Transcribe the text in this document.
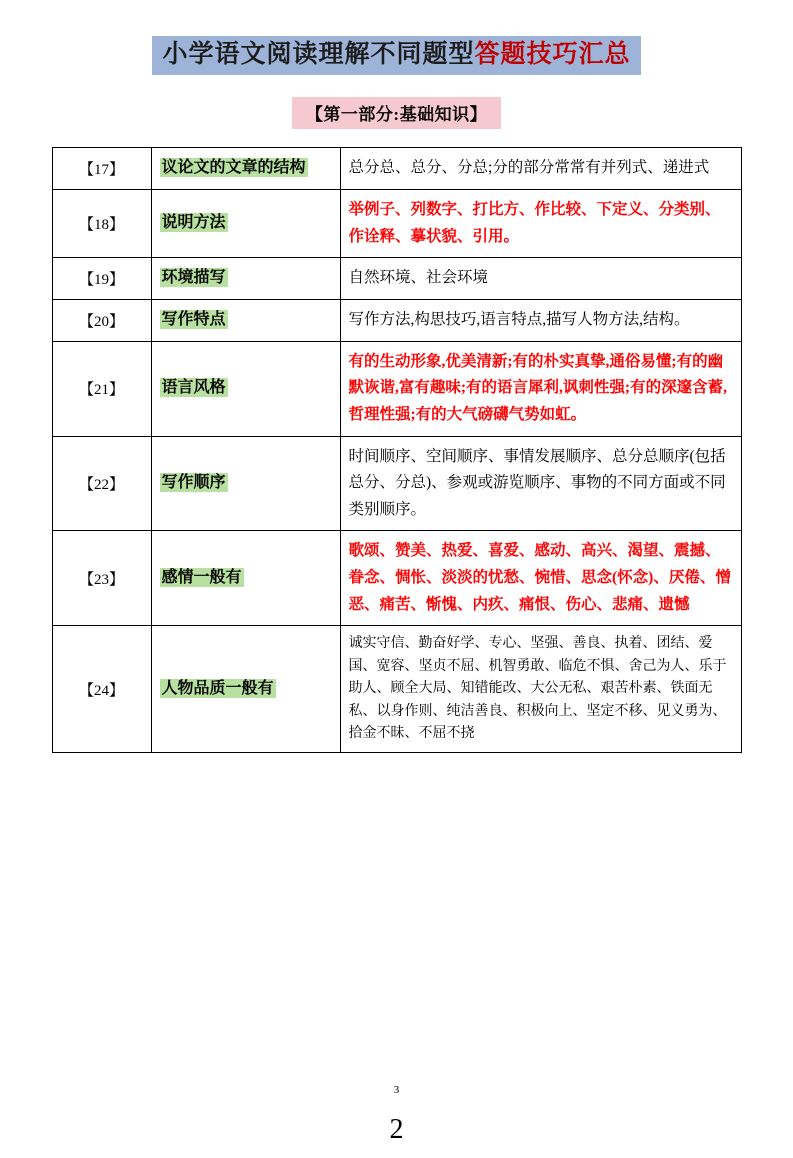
小学语文阅读理解不同题型答题技巧汇总
【第一部分:基础知识】
【17】	议论文的文章的结构	总分总、总分、分总;分的部分常常有并列式、递进式
【18】	说明方法	举例子、列数字、打比方、作比较、下定义、分类别、作诠释、摹状貌、引用。
【19】	环境描写	自然环境、社会环境
【20】	写作特点	写作方法,构思技巧,语言特点,描写人物方法,结构。
【21】	语言风格	有的生动形象,优美清新;有的朴实真挚,通俗易懂;有的幽默诙谐,富有趣味;有的语言犀利,讽刺性强;有的深邃含蓄,哲理性强;有的大气磅礴气势如虹。
【22】	写作顺序	时间顺序、空间顺序、事情发展顺序、总分总顺序(包括总分、分总)、参观或游览顺序、事物的不同方面或不同类别顺序。
【23】	感情一般有	歌颂、赞美、热爱、喜爱、感动、高兴、渴望、震撼、眷念、惆怅、淡淡的忧愁、惋惜、思念(怀念)、厌倦、憎恶、痛苦、惭愧、内疚、痛恨、伤心、悲痛、遗憾
【24】	人物品质一般有	诚实守信、勤奋好学、专心、坚强、善良、执着、团结、爱国、宽容、坚贞不屈、机智勇敢、临危不惧、舍己为人、乐于助人、顾全大局、知错能改、大公无私、艰苦朴素、铁面无私、以身作则、纯洁善良、积极向上、坚定不移、见义勇为、拾金不昧、不屈不挠
3
2
